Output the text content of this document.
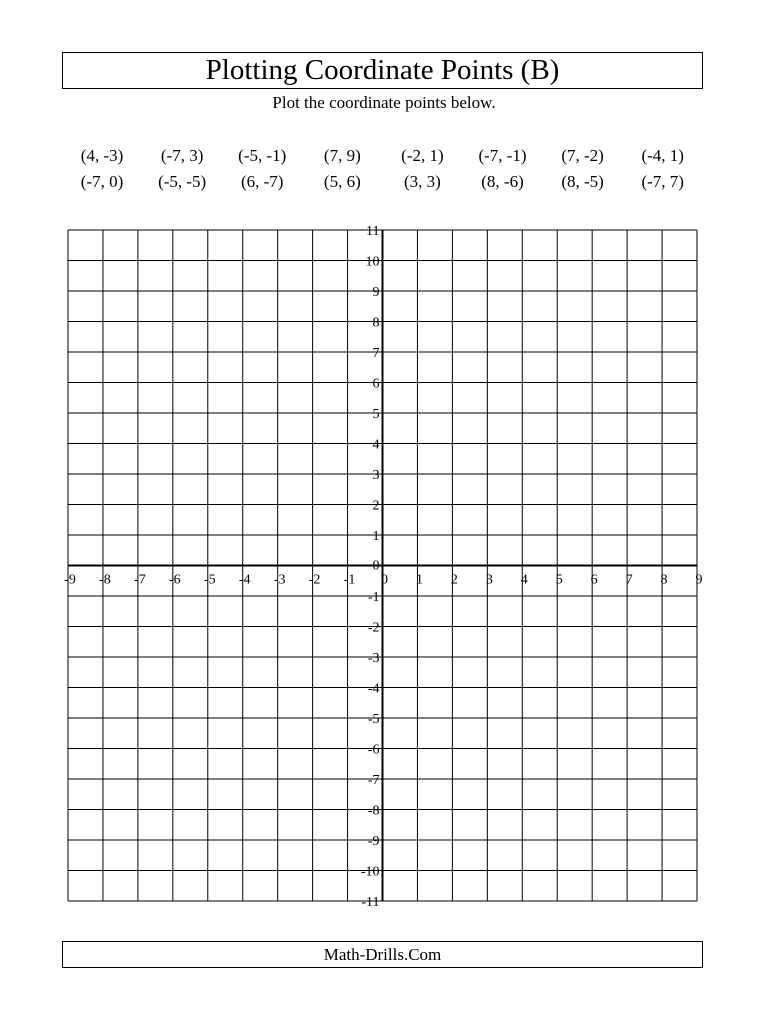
Plotting Coordinate Points (B)
Plot the coordinate points below.
(4, -3)	(-7, 3)	(-5, -1)	(7, 9)	(-2, 1)	(-7, -1)	(7, -2)	(-4, 1)
(-7, 0)	(-5, -5)	(6, -7)	(5, 6)	(3, 3)	(8, -6)	(8, -5)	(-7, 7)
-9 -8 -7 -6 -5 -4 -3 -2 -1 0 1 2 3 4 5 6 7 8 9
11
10
9
8
7
6
5
4
3
2
1
-1
-2
-3
-4
-5
-6
-7
-8
-9
-10
-11
0
Math-Drills.Com
